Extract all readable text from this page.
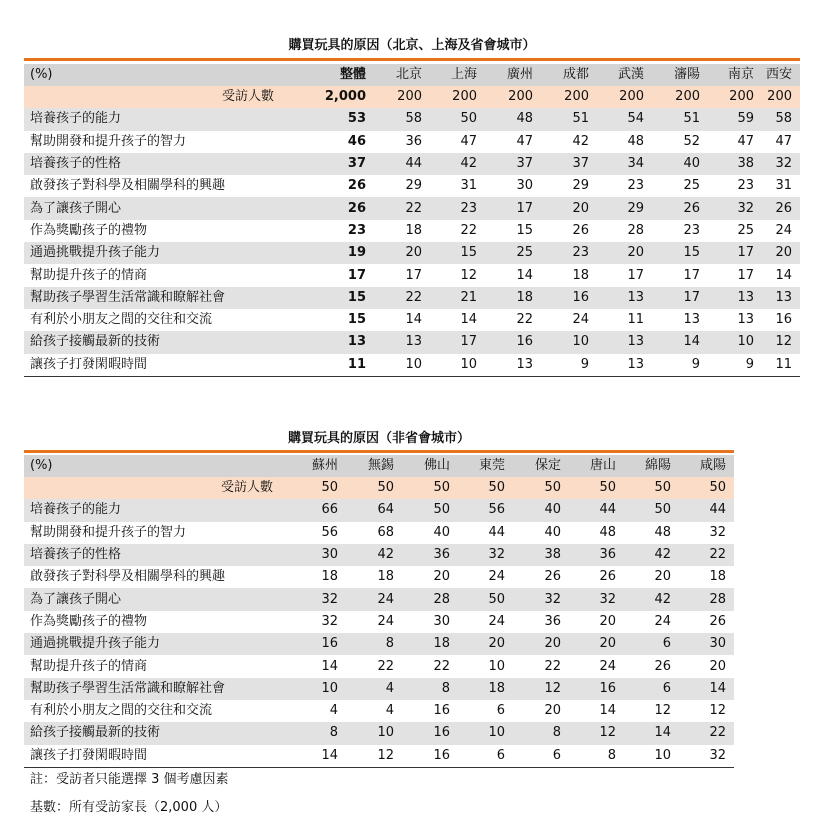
購買玩具的原因（北京、上海及省會城市）
(%)	整體	北京	上海	廣州	成都	武漢	瀋陽	南京	西安	
受訪人數	2,000	200	200	200	200	200	200	200	200	
培養孩子的能力	53	58	50	48	51	54	51	59	58	
幫助開發和提升孩子的智力	46	36	47	47	42	48	52	47	47	
培養孩子的性格	37	44	42	37	37	34	40	38	32	
啟發孩子對科學及相關學科的興趣	26	29	31	30	29	23	25	23	31	
為了讓孩子開心	26	22	23	17	20	29	26	32	26	
作為獎勵孩子的禮物	23	18	22	15	26	28	23	25	24	
通過挑戰提升孩子能力	19	20	15	25	23	20	15	17	20	
幫助提升孩子的情商	17	17	12	14	18	17	17	17	14	
幫助孩子學習生活常識和瞭解社會	15	22	21	18	16	13	17	13	13	
有利於小朋友之間的交往和交流	15	14	14	22	24	11	13	13	16	
給孩子接觸最新的技術	13	13	17	16	10	13	14	10	12	
讓孩子打發閑暇時間	11	10	10	13	9	13	9	9	11	
購買玩具的原因（非省會城市）
(%)	蘇州	無錫	佛山	東莞	保定	唐山	綿陽	咸陽
受訪人數	50	50	50	50	50	50	50	50
培養孩子的能力	66	64	50	56	40	44	50	44
幫助開發和提升孩子的智力	56	68	40	44	40	48	48	32
培養孩子的性格	30	42	36	32	38	36	42	22
啟發孩子對科學及相關學科的興趣	18	18	20	24	26	26	20	18
為了讓孩子開心	32	24	28	50	32	32	42	28
作為獎勵孩子的禮物	32	24	30	24	36	20	24	26
通過挑戰提升孩子能力	16	8	18	20	20	20	6	30
幫助提升孩子的情商	14	22	22	10	22	24	26	20
幫助孩子學習生活常識和瞭解社會	10	4	8	18	12	16	6	14
有利於小朋友之間的交往和交流	4	4	16	6	20	14	12	12
給孩子接觸最新的技術	8	10	16	10	8	12	14	22
讓孩子打發閑暇時間	14	12	16	6	6	8	10	32
註：受訪者只能選擇 3 個考慮因素
基數：所有受訪家長（2,000 人）
